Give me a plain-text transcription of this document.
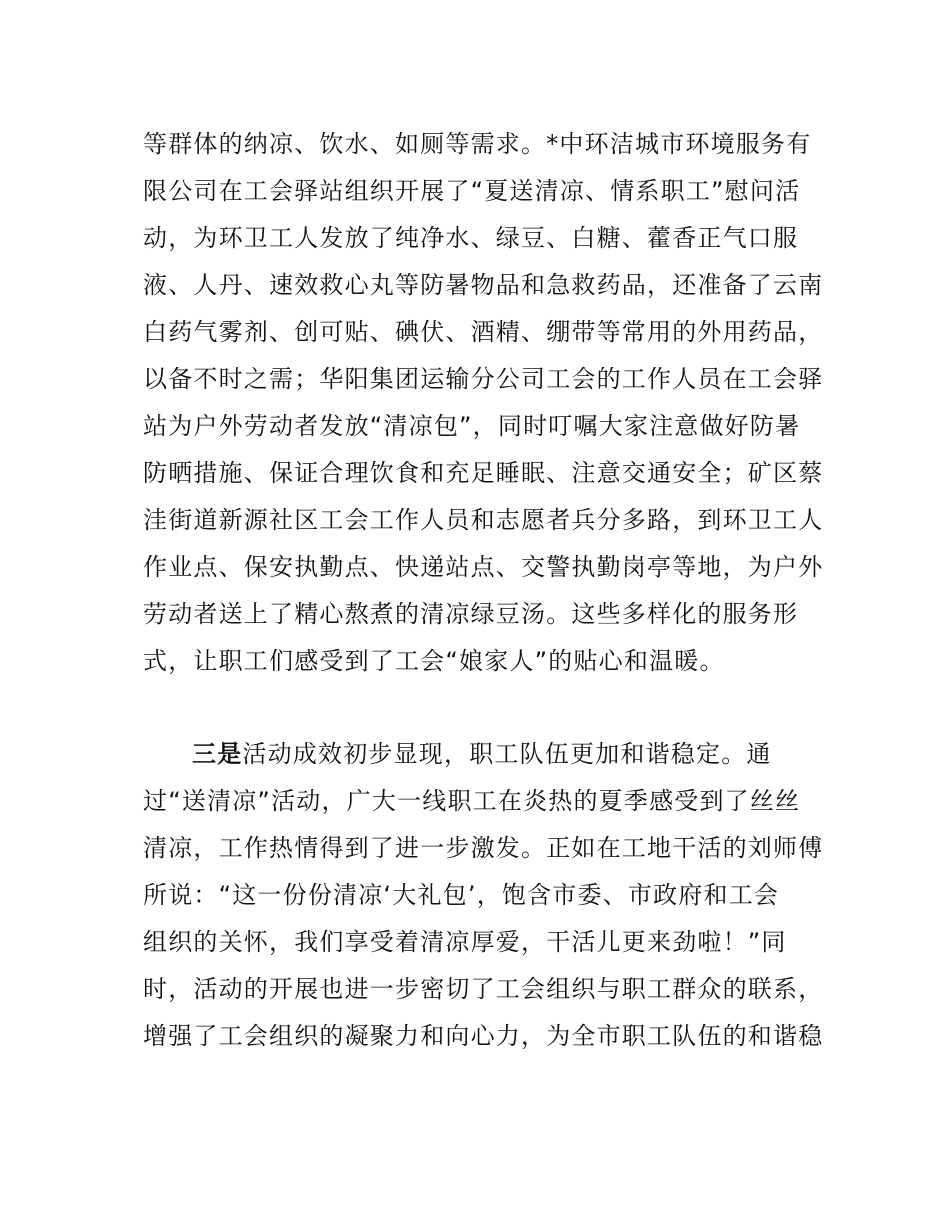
等群体的纳凉、饮水、如厕等需求。*中环洁城市环境服务有
限公司在工会驿站组织开展了“夏送清凉、情系职工”慰问活
动，为环卫工人发放了纯净水、绿豆、白糖、藿香正气口服
液、人丹、速效救心丸等防暑物品和急救药品，还准备了云南
白药气雾剂、创可贴、碘伏、酒精、绷带等常用的外用药品，
以备不时之需；华阳集团运输分公司工会的工作人员在工会驿
站为户外劳动者发放“清凉包”，同时叮嘱大家注意做好防暑
防晒措施、保证合理饮食和充足睡眠、注意交通安全；矿区蔡
洼街道新源社区工会工作人员和志愿者兵分多路，到环卫工人
作业点、保安执勤点、快递站点、交警执勤岗亭等地，为户外
劳动者送上了精心熬煮的清凉绿豆汤。这些多样化的服务形
式，让职工们感受到了工会“娘家人”的贴心和温暖。
三是活动成效初步显现，职工队伍更加和谐稳定。通
过“送清凉”活动，广大一线职工在炎热的夏季感受到了丝丝
清凉，工作热情得到了进一步激发。正如在工地干活的刘师傅
所说：“这一份份清凉‘大礼包’，饱含市委、市政府和工会
组织的关怀，我们享受着清凉厚爱，干活儿更来劲啦！”同
时，活动的开展也进一步密切了工会组织与职工群众的联系，
增强了工会组织的凝聚力和向心力，为全市职工队伍的和谐稳
